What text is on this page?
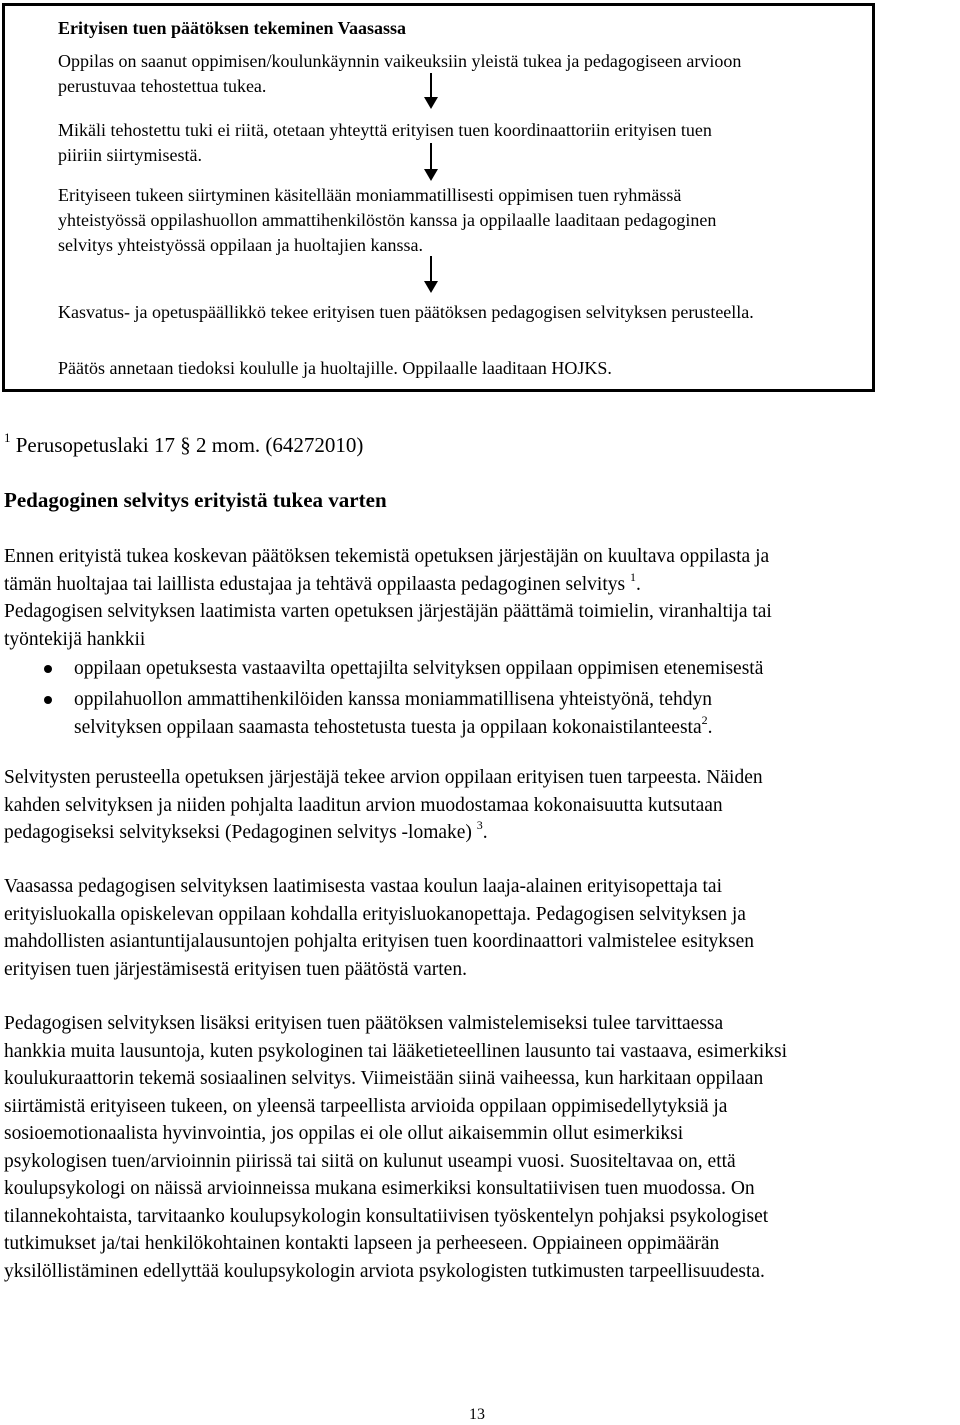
Erityisen tuen päätöksen tekeminen Vaasassa
Oppilas on saanut oppimisen/koulunkäynnin vaikeuksiin yleistä tukea ja pedagogiseen arvioon
perustuvaa tehostettua tukea.
Mikäli tehostettu tuki ei riitä, otetaan yhteyttä erityisen tuen koordinaattoriin erityisen tuen
piiriin siirtymisestä.
Erityiseen tukeen siirtyminen käsitellään moniammatillisesti oppimisen tuen ryhmässä
yhteistyössä oppilashuollon ammattihenkilöstön kanssa ja oppilaalle laaditaan pedagoginen
selvitys yhteistyössä oppilaan ja huoltajien kanssa.
Kasvatus- ja opetuspäällikkö tekee erityisen tuen päätöksen pedagogisen selvityksen perusteella.
Päätös annetaan tiedoksi koululle ja huoltajille. Oppilaalle laaditaan HOJKS.
$^1$ Perusopetuslaki 17 § 2 mom. (64272010)
Pedagoginen selvitys erityistä tukea varten
Ennen erityistä tukea koskevan päätöksen tekemistä opetuksen järjestäjän on kuultava oppilasta ja
tämän huoltajaa tai laillista edustajaa ja tehtävä oppilaasta pedagoginen selvitys $^1$.
Pedagogisen selvityksen laatimista varten opetuksen järjestäjän päättämä toimielin, viranhaltija tai
työntekijä hankkii
oppilaan opetuksesta vastaavilta opettajilta selvityksen oppilaan oppimisen etenemisestä
oppilahuollon ammattihenkilöiden kanssa moniammatillisena yhteistyönä, tehdyn
selvityksen oppilaan saamasta tehostetusta tuesta ja oppilaan kokonaistilanteesta$^2$.
Selvitysten perusteella opetuksen järjestäjä tekee arvion oppilaan erityisen tuen tarpeesta. Näiden
kahden selvityksen ja niiden pohjalta laaditun arvion muodostamaa kokonaisuutta kutsutaan
pedagogiseksi selvitykseksi (Pedagoginen selvitys -lomake) $^3$.
Vaasassa pedagogisen selvityksen laatimisesta vastaa koulun laaja-alainen erityisopettaja tai
erityisluokalla opiskelevan oppilaan kohdalla erityisluokanopettaja. Pedagogisen selvityksen ja
mahdollisten asiantuntijalausuntojen pohjalta erityisen tuen koordinaattori valmistelee esityksen
erityisen tuen järjestämisestä erityisen tuen päätöstä varten.
Pedagogisen selvityksen lisäksi erityisen tuen päätöksen valmistelemiseksi tulee tarvittaessa
hankkia muita lausuntoja, kuten psykologinen tai lääketieteellinen lausunto tai vastaava, esimerkiksi
koulukuraattorin tekemä sosiaalinen selvitys. Viimeistään siinä vaiheessa, kun harkitaan oppilaan
siirtämistä erityiseen tukeen, on yleensä tarpeellista arvioida oppilaan oppimisedellytyksiä ja
sosioemotionaalista hyvinvointia, jos oppilas ei ole ollut aikaisemmin ollut esimerkiksi
psykologisen tuen/arvioinnin piirissä tai siitä on kulunut useampi vuosi. Suositeltavaa on, että
koulupsykologi on näissä arvioinneissa mukana esimerkiksi konsultatiivisen tuen muodossa. On
tilannekohtaista, tarvitaanko koulupsykologin konsultatiivisen työskentelyn pohjaksi psykologiset
tutkimukset ja/tai henkilökohtainen kontakti lapseen ja perheeseen. Oppiaineen oppimäärän
yksilöllistäminen edellyttää koulupsykologin arviota psykologisten tutkimusten tarpeellisuudesta.
13
